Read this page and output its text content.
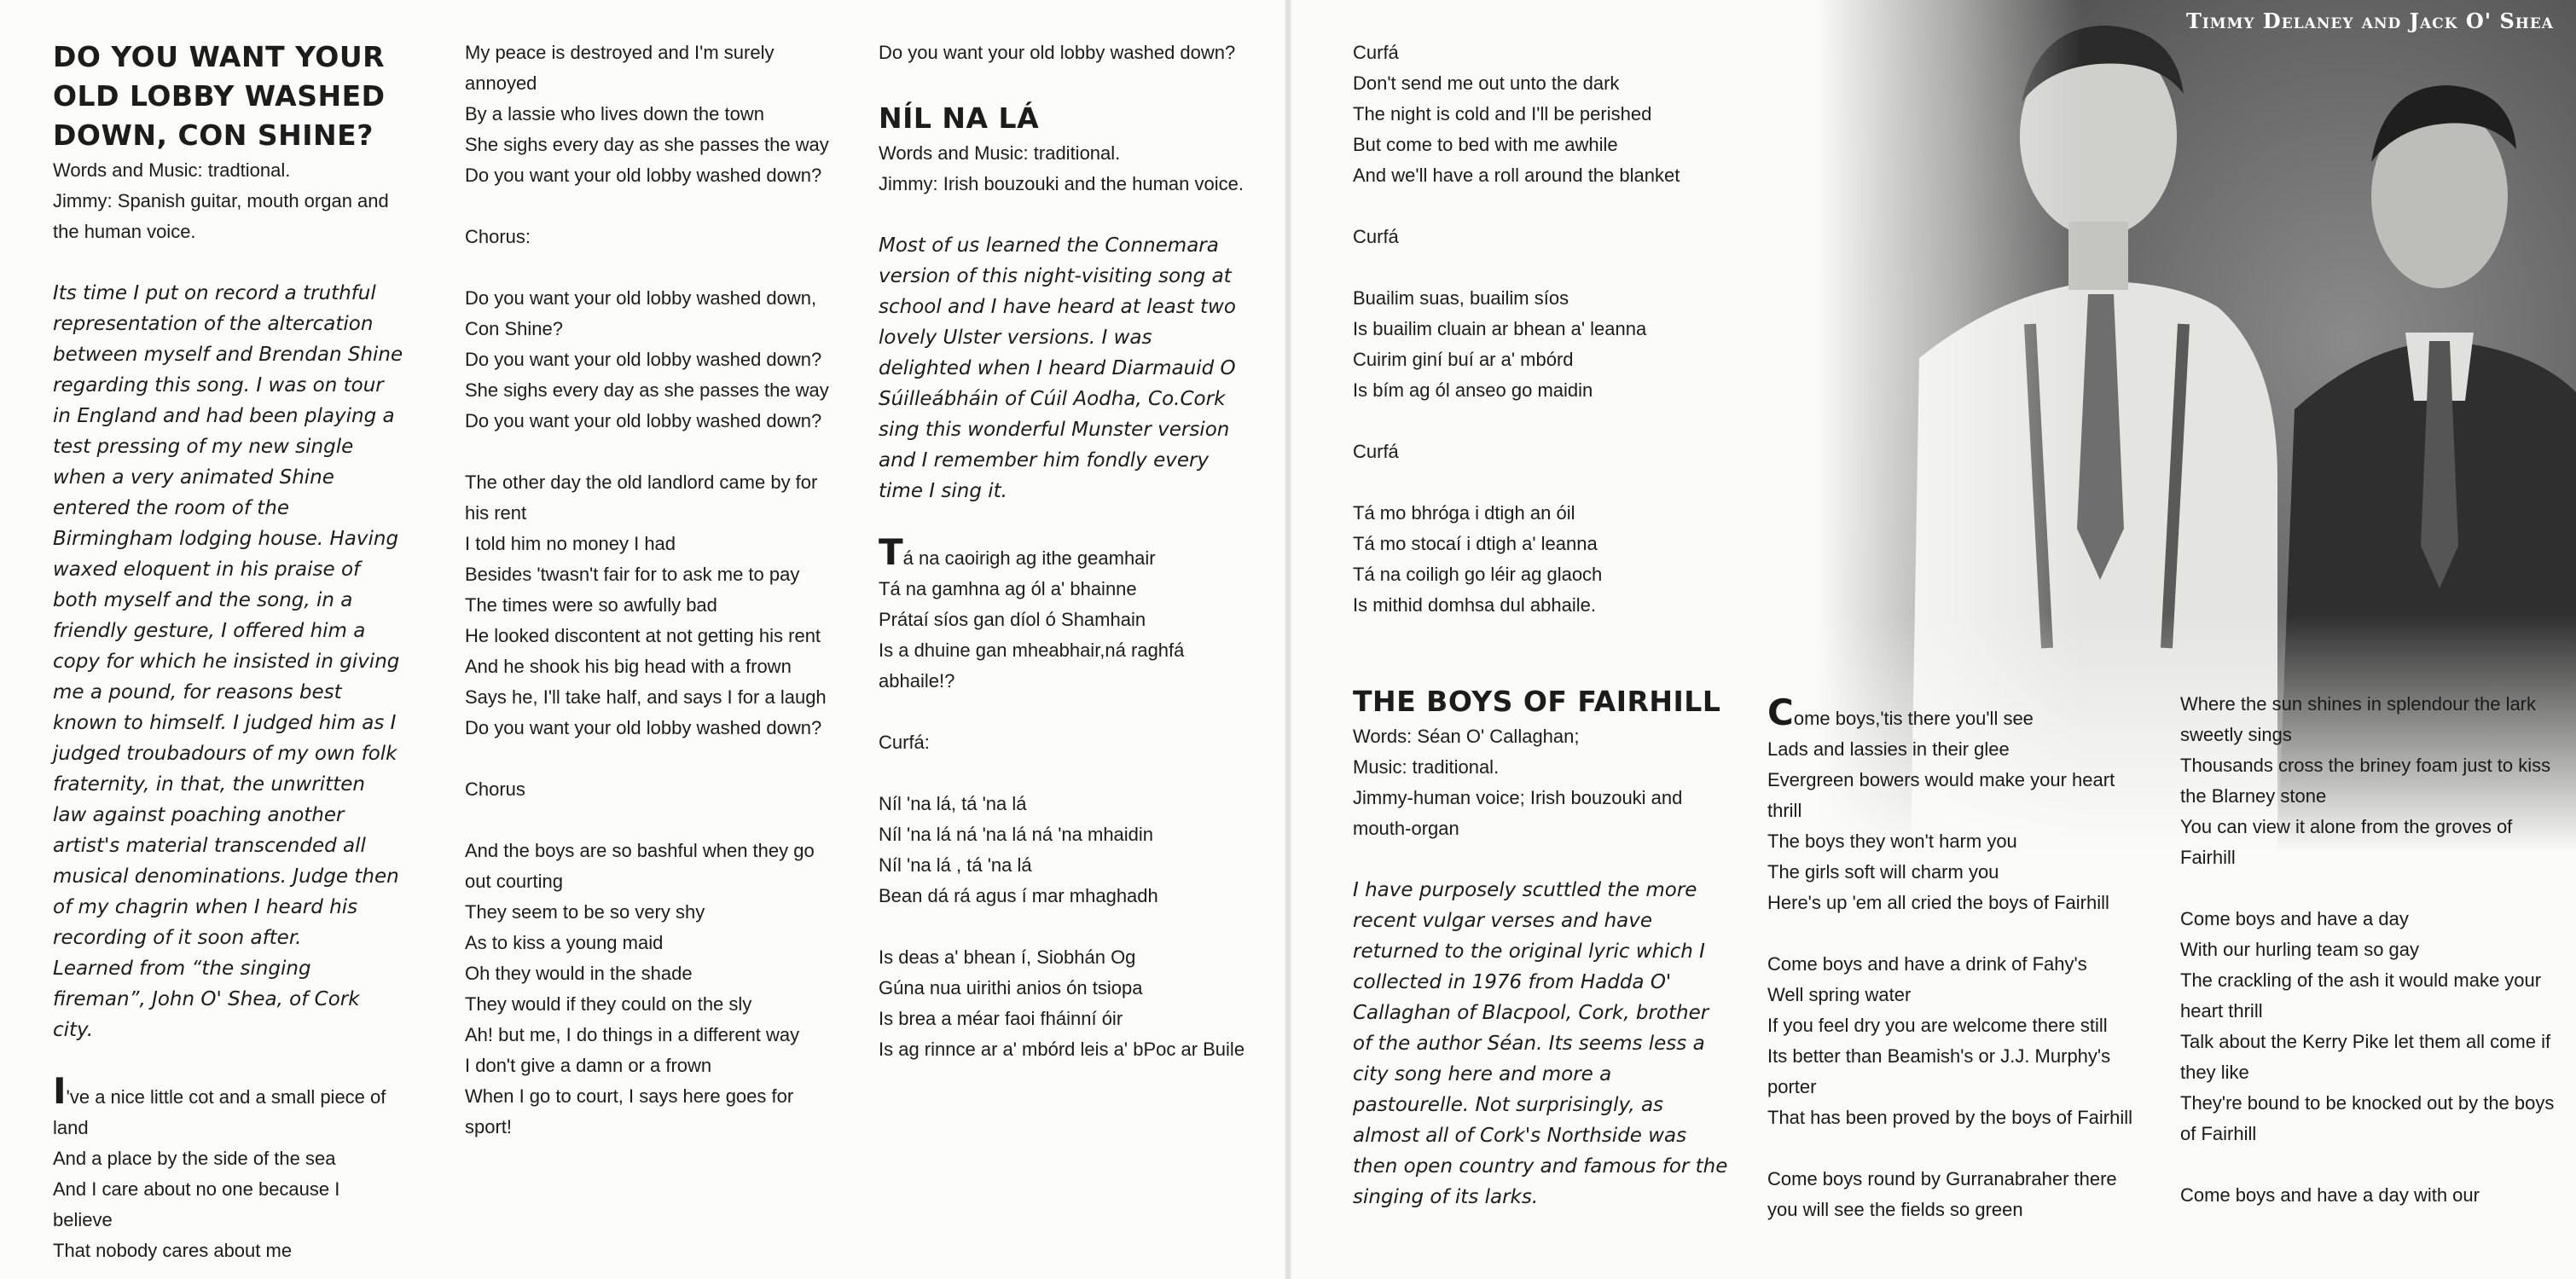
Timmy Delaney and Jack O' Shea

DO YOU WANT YOUR OLD LOBBY WASHED DOWN, CON SHINE?

Words and Music: tradtional.

Jimmy: Spanish guitar, mouth organ and the human voice.

Its time I put on record a truthful representation of the altercation between myself and Brendan Shine regarding this song. I was on tour in England and had been playing a test pressing of my new single when a very animated Shine entered the room of the Birmingham lodging house. Having waxed eloquent in his praise of both myself and the song, in a friendly gesture, I offered him a copy for which he insisted in giving me a pound, for reasons best known to himself. I judged him as I judged troubadours of my own folk fraternity, in that, the unwritten law against poaching another artist's material transcended all musical denominations. Judge then of my chagrin when I heard his recording of it soon after.
Learned from “the singing fireman”, John O' Shea, of Cork city.

I've a nice little cot and a small piece of land
And a place by the side of the sea
And I care about no one because I believe
That nobody cares about me

My peace is destroyed and I'm surely annoyed
By a lassie who lives down the town
She sighs every day as she passes the way
Do you want your old lobby washed down?

Chorus:

Do you want your old lobby washed down, Con Shine?
Do you want your old lobby washed down?
She sighs every day as she passes the way
Do you want your old lobby washed down?

The other day the old landlord came by for his rent
I told him no money I had
Besides 'twasn't fair for to ask me to pay
The times were so awfully bad
He looked discontent at not getting his rent
And he shook his big head with a frown
Says he, I'll take half, and says I for a laugh
Do you want your old lobby washed down?

Chorus

And the boys are so bashful when they go out courting
They seem to be so very shy
As to kiss a young maid
Oh they would in the shade
They would if they could on the sly
Ah! but me, I do things in a different way
I don't give a damn or a frown
When I go to court, I says here goes for sport!

Do you want your old lobby washed down?

NÍL NA LÁ

Words and Music: traditional.

Jimmy: Irish bouzouki and the human voice.

Most of us learned the Connemara version of this night-visiting song at school and I have heard at least two lovely Ulster versions. I was delighted when I heard Diarmauid O Súilleábháin of Cúil Aodha, Co.Cork sing this wonderful Munster version and I remember him fondly every time I sing it.

Tá na caoirigh ag ithe geamhair
Tá na gamhna ag ól a' bhainne
Prátaí síos gan díol ó Shamhain
Is a dhuine gan mheabhair,ná raghfá abhaile!?

Curfá:

Níl 'na lá, tá 'na lá
Níl 'na lá ná 'na lá ná 'na mhaidin
Níl 'na lá , tá 'na lá
Bean dá rá agus í mar mhaghadh

Is deas a' bhean í, Siobhán Og
Gúna nua uirithi anios ón tsiopa
Is brea a méar faoi fháinní óir
Is ag rinnce ar a' mbórd leis a' bPoc ar Buile

Curfá

Don't send me out unto the dark
The night is cold and I'll be perished
But come to bed with me awhile
And we'll have a roll around the blanket

Curfá

Buailim suas, buailim síos
Is buailim cluain ar bhean a' leanna
Cuirim giní buí ar a' mbórd
Is bím ag ól anseo go maidin

Curfá

Tá mo bhróga i dtigh an óil
Tá mo stocaí i dtigh a' leanna
Tá na coiligh go léir ag glaoch
Is mithid domhsa dul abhaile.

THE BOYS OF FAIRHILL

Words: Séan O' Callaghan;
Music: traditional.

Jimmy-human voice; Irish bouzouki and mouth-organ

I have purposely scuttled the more recent vulgar verses and have returned to the original lyric which I collected in 1976 from Hadda O' Callaghan of Blacpool, Cork, brother of the author Séan. Its seems less a city song here and more a pastourelle. Not surprisingly, as almost all of Cork's Northside was then open country and famous for the singing of its larks.

Come boys,'tis there you'll see
Lads and lassies in their glee
Evergreen bowers would make your heart thrill
The boys they won't harm you
The girls soft will charm you
Here's up 'em all cried the boys of Fairhill

Come boys and have a drink of Fahy's
Well spring water
If you feel dry you are welcome there still
Its better than Beamish's or J.J. Murphy's porter
That has been proved by the boys of Fairhill

Come boys round by Gurranabraher there you will see the fields so green

Where the sun shines in splendour the lark sweetly sings
Thousands cross the briney foam just to kiss the Blarney stone
You can view it alone from the groves of Fairhill

Come boys and have a day
With our hurling team so gay
The crackling of the ash it would make your heart thrill
Talk about the Kerry Pike let them all come if they like
They're bound to be knocked out by the boys of Fairhill

Come boys and have a day with our
